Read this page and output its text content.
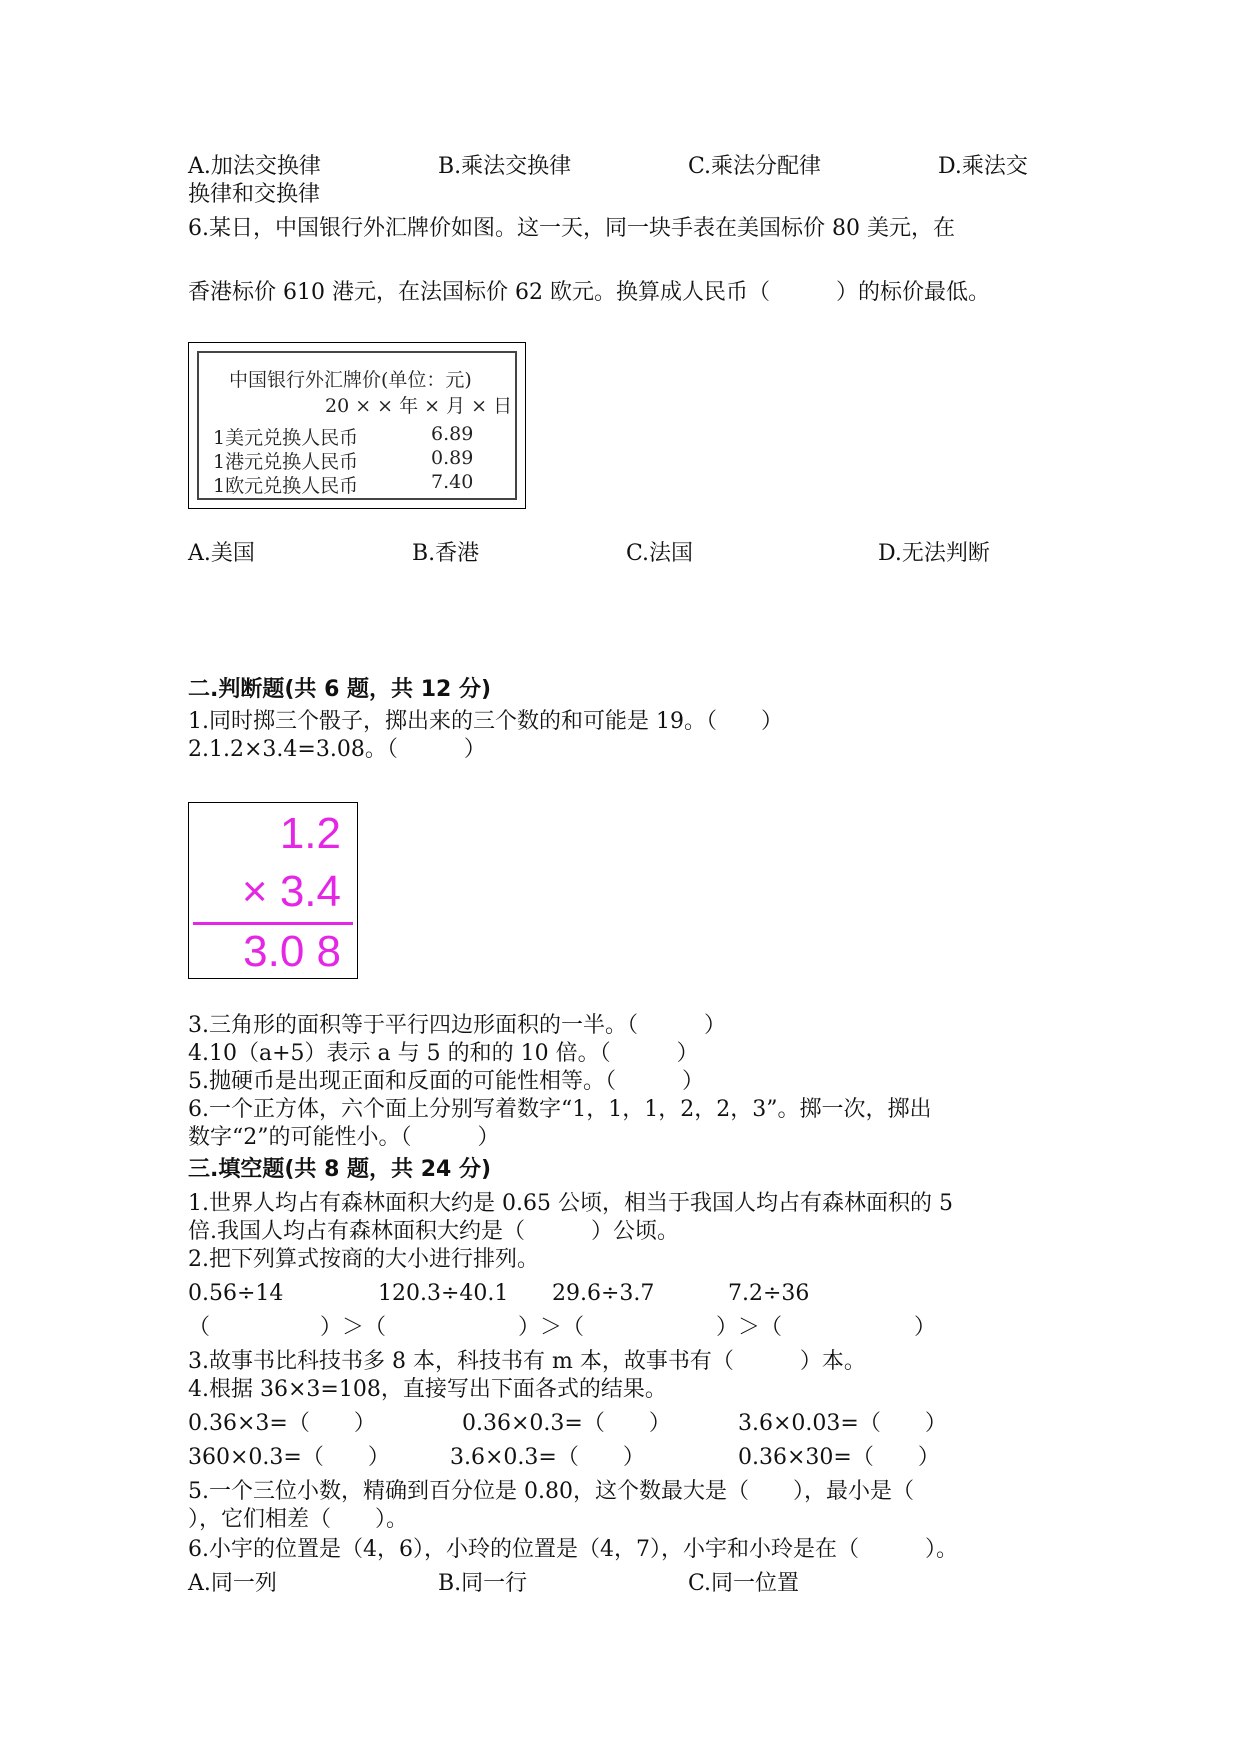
A.加法交换律	B.乘法交换律	C.乘法分配律	D.乘法交
换律和交换律
6.某日，中国银行外汇牌价如图。这一天，同一块手表在美国标价 80 美元，在
香港标价 610 港元，在法国标价 62 欧元。换算成人民币（　　　）的标价最低。
中国银行外汇牌价(单位：元)
20 × × 年 × 月 × 日
1美元兑换人民币	6.89
1港元兑换人民币	0.89
1欧元兑换人民币	7.40
A.美国	B.香港	C.法国	D.无法判断
二.判断题(共 6 题，共 12 分)
1.同时掷三个骰子，掷出来的三个数的和可能是 19。（　　）
2.1.2×3.4=3.08。（　　　）
1.2
× 3.4
3.0 8
3.三角形的面积等于平行四边形面积的一半。（　　　）
4.10（a+5）表示 a 与 5 的和的 10 倍。（　　　）
5.抛硬币是出现正面和反面的可能性相等。（　　　）
6.一个正方体，六个面上分别写着数字“1，1，1，2，2，3”。掷一次，掷出
数字“2”的可能性小。（　　　）
三.填空题(共 8 题，共 24 分)
1.世界人均占有森林面积大约是 0.65 公顷，相当于我国人均占有森林面积的 5
倍.我国人均占有森林面积大约是（　　　）公顷。
2.把下列算式按商的大小进行排列。
0.56÷14	120.3÷40.1 29.6÷3.7	7.2÷36
（　　　　　）＞（　　　　　　）＞（　　　　　　）＞（　　　　　　）
3.故事书比科技书多 8 本，科技书有 m 本，故事书有（　　　）本。
4.根据 36×3=108，直接写出下面各式的结果。
0.36×3=（　　）	0.36×0.3=（　　）	3.6×0.03=（　　）
360×0.3=（　　）	3.6×0.3=（　　）	0.36×30=（　　）
5.一个三位小数，精确到百分位是 0.80，这个数最大是（　　），最小是（
），它们相差（　　）。
6.小宇的位置是（4，6），小玲的位置是（4，7），小宇和小玲是在（　　　）。
A.同一列	B.同一行	C.同一位置
